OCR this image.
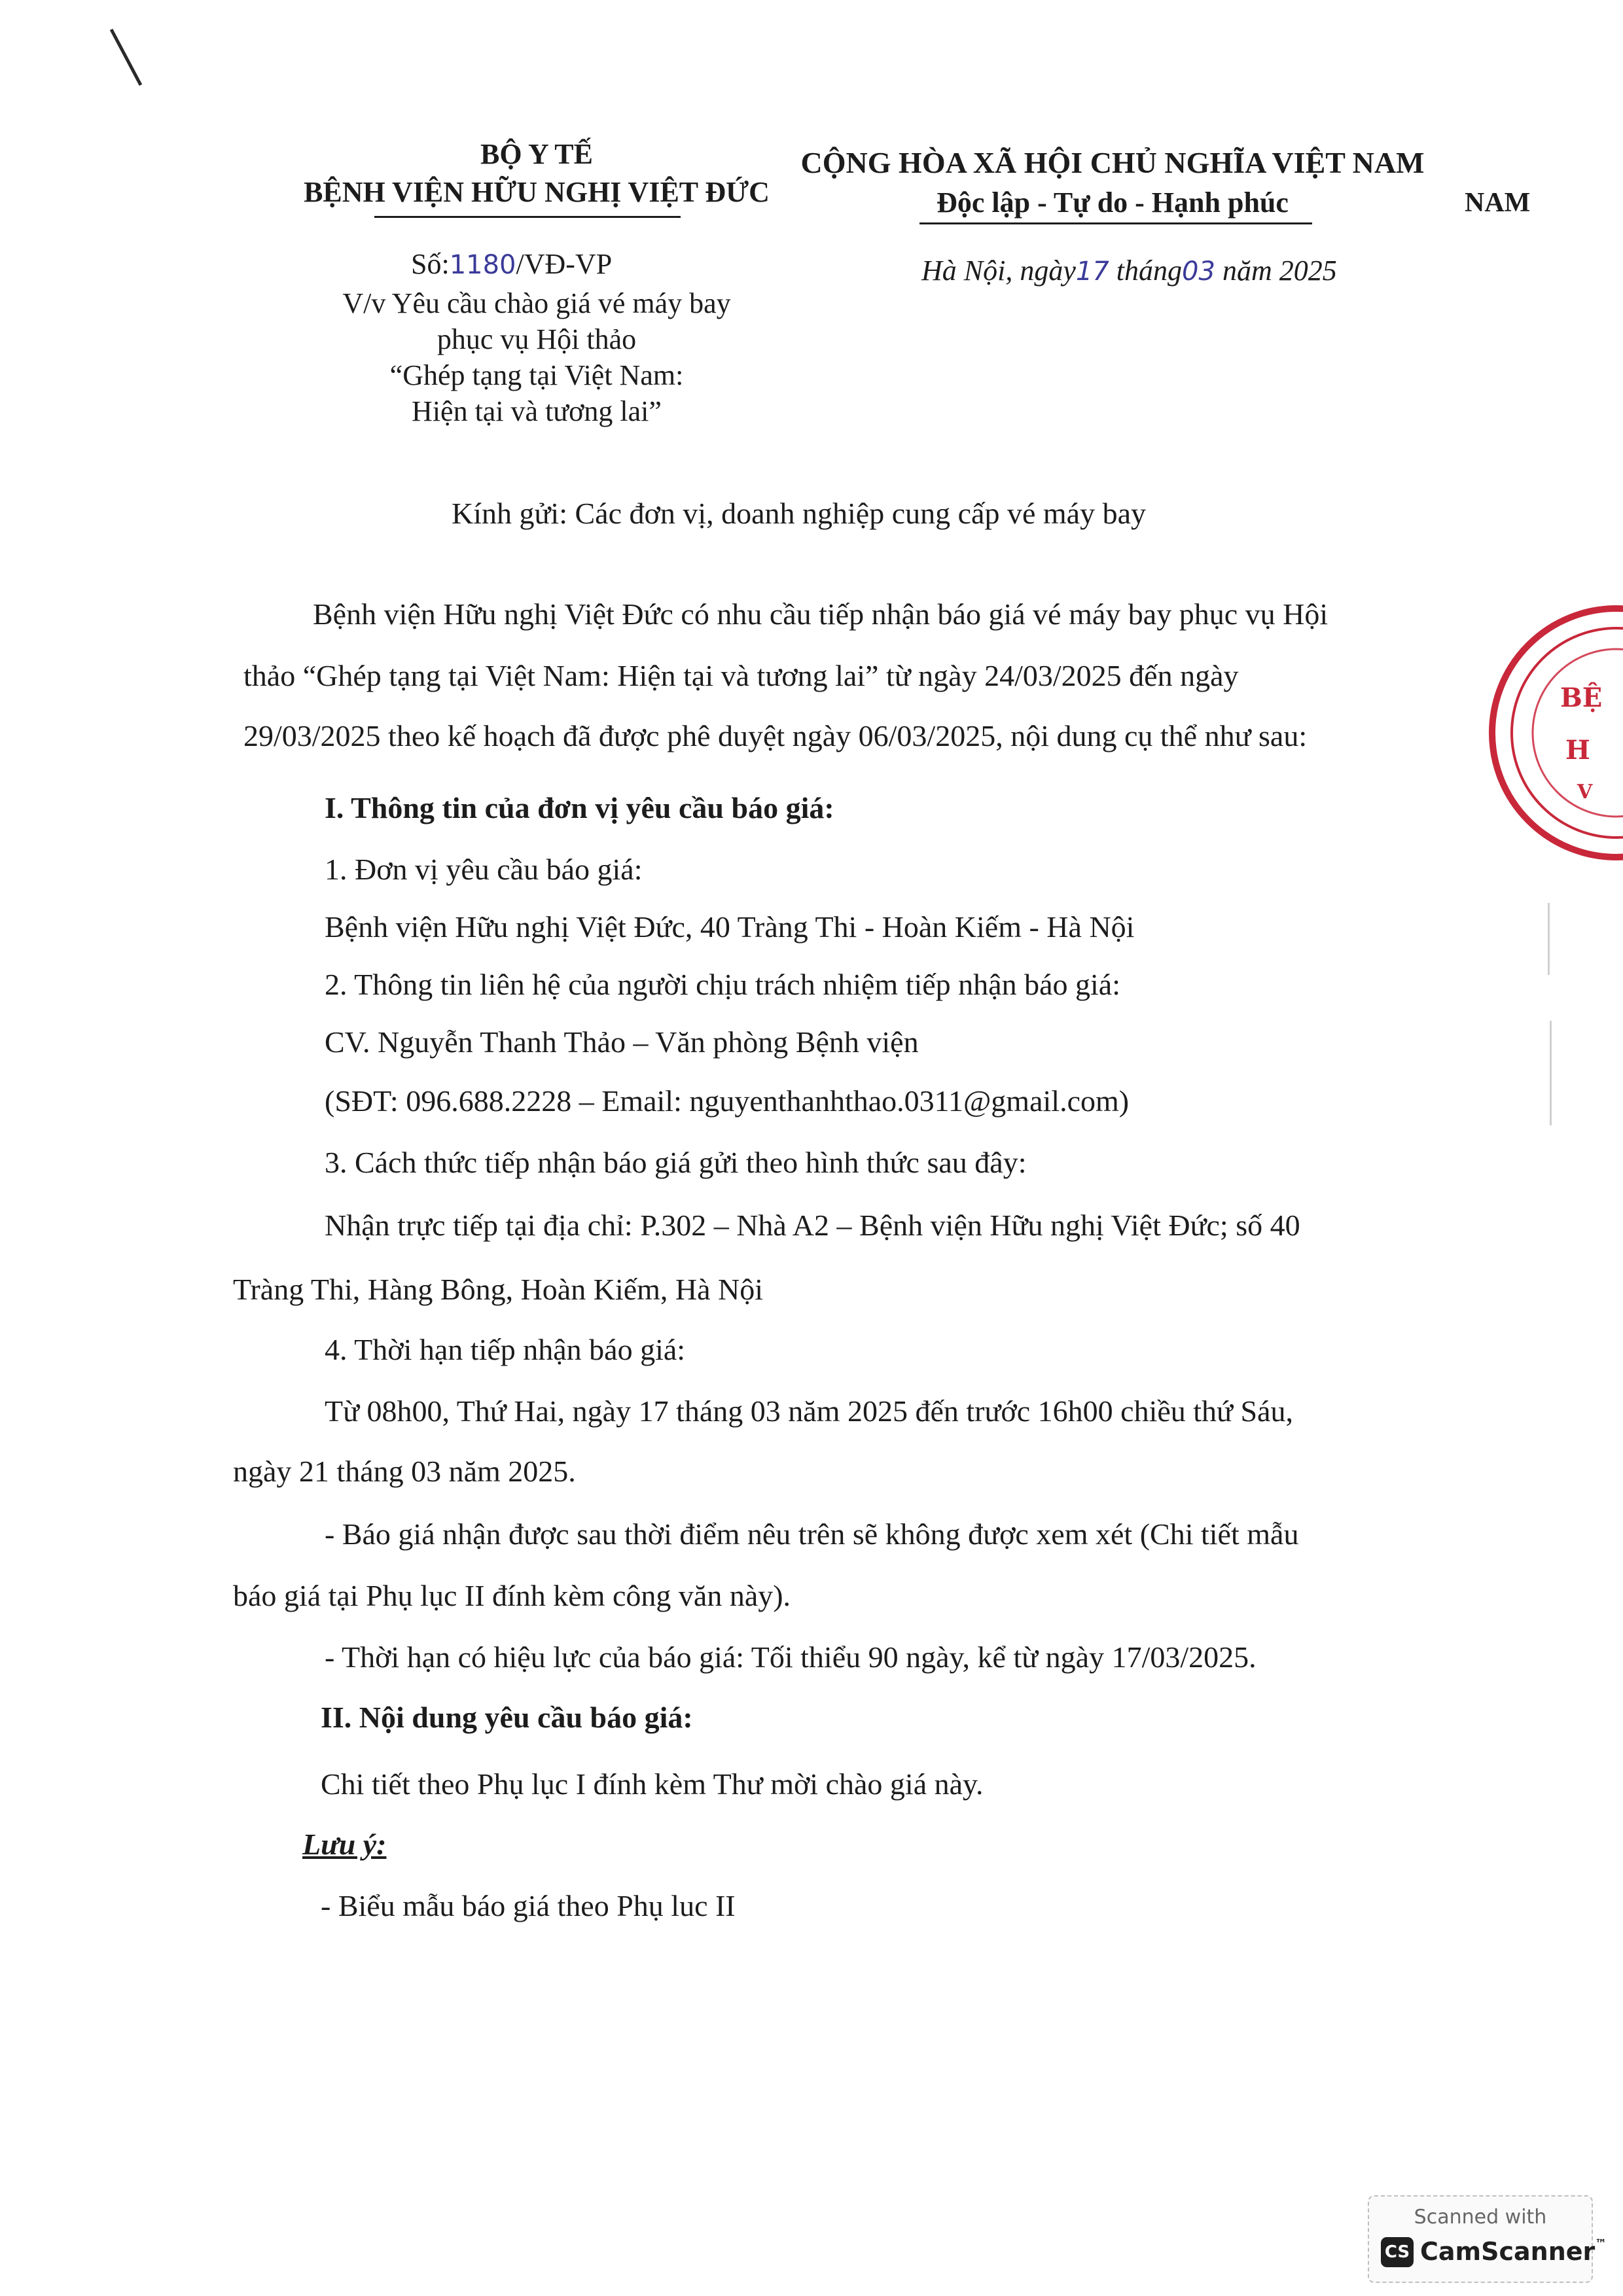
BỘ Y TẾ
BỆNH VIỆN HỮU NGHỊ VIỆT ĐỨC
Số:1180/VĐ-VP
V/v Yêu cầu chào giá vé máy bay
phục vụ Hội thảo
“Ghép tạng tại Việt Nam:
Hiện tại và tương lai”
CỘNG HÒA XÃ HỘI CHỦ NGHĨA VIỆT NAM
Độc lập - Tự do - Hạnh phúc	NAM
Hà Nội, ngày17 tháng03 năm 2025
Kính gửi: Các đơn vị, doanh nghiệp cung cấp vé máy bay
Bệnh viện Hữu nghị Việt Đức có nhu cầu tiếp nhận báo giá vé máy bay phục vụ Hội
thảo “Ghép tạng tại Việt Nam: Hiện tại và tương lai” từ ngày 24/03/2025 đến ngày
29/03/2025 theo kế hoạch đã được phê duyệt ngày 06/03/2025, nội dung cụ thể như sau:
I. Thông tin của đơn vị yêu cầu báo giá:
1. Đơn vị yêu cầu báo giá:
Bệnh viện Hữu nghị Việt Đức, 40 Tràng Thi - Hoàn Kiếm - Hà Nội
2. Thông tin liên hệ của người chịu trách nhiệm tiếp nhận báo giá:
CV. Nguyễn Thanh Thảo – Văn phòng Bệnh viện
(SĐT: 096.688.2228 – Email: nguyenthanhthao.0311@gmail.com)
3. Cách thức tiếp nhận báo giá gửi theo hình thức sau đây:
Nhận trực tiếp tại địa chỉ: P.302 – Nhà A2 – Bệnh viện Hữu nghị Việt Đức; số 40
Tràng Thi, Hàng Bông, Hoàn Kiếm, Hà Nội
4. Thời hạn tiếp nhận báo giá:
Từ 08h00, Thứ Hai, ngày 17 tháng 03 năm 2025 đến trước 16h00 chiều thứ Sáu,
ngày 21 tháng 03 năm 2025.
- Báo giá nhận được sau thời điểm nêu trên sẽ không được xem xét (Chi tiết mẫu
báo giá tại Phụ lục II đính kèm công văn này).
- Thời hạn có hiệu lực của báo giá: Tối thiểu 90 ngày, kể từ ngày 17/03/2025.
II. Nội dung yêu cầu báo giá:
Chi tiết theo Phụ lục I đính kèm Thư mời chào giá này.
Lưu ý:
- Biểu mẫu báo giá theo Phụ luc II
BỆ
H
V
Scanned with
CS CamScanner™
